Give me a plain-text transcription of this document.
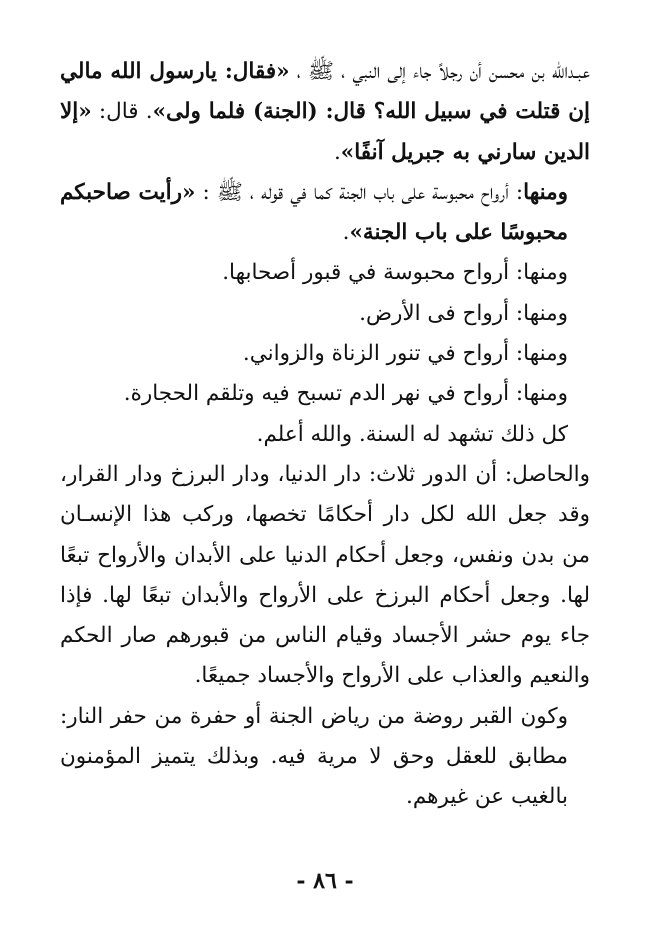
عبـدالله بن محسن أن رجلاً جاء إلى النبي ، ﷺ ، «فقال: يارسول الله مالي إن قتلت في سبيل الله؟ قال: (الجنة) فلما ولى». قال: «إلا الدين سارني به جبريل آنفًا».

ومنها: أرواح محبوسة على باب الجنة كما في قوله ، ﷺ : «رأيت صاحبكم محبوسًا على باب الجنة».

ومنها: أرواح محبوسة في قبور أصحابها.

ومنها: أرواح فى الأرض.

ومنها: أرواح في تنور الزناة والزواني.

ومنها: أرواح في نهر الدم تسبح فيه وتلقم الحجارة.

كل ذلك تشهد له السنة. والله أعلم.

والحاصل: أن الدور ثلاث: دار الدنيا، ودار البرزخ ودار القرار، وقد جعل الله لكل دار أحكامًا تخصها، وركب هذا الإنسـان من بدن ونفس، وجعل أحكام الدنيا على الأبدان والأرواح تبعًا لها. وجعل أحكام البرزخ على الأرواح والأبدان تبعًا لها. فإذا جاء يوم حشر الأجساد وقيام الناس من قبورهم صار الحكم والنعيم والعذاب على الأرواح والأجساد جميعًا.

وكون القبر روضة من رياض الجنة أو حفرة من حفر النار: مطابق للعقل وحق لا مرية فيه. وبذلك يتميز المؤمنون بالغيب عن غيرهم.

- ٨٦ -
